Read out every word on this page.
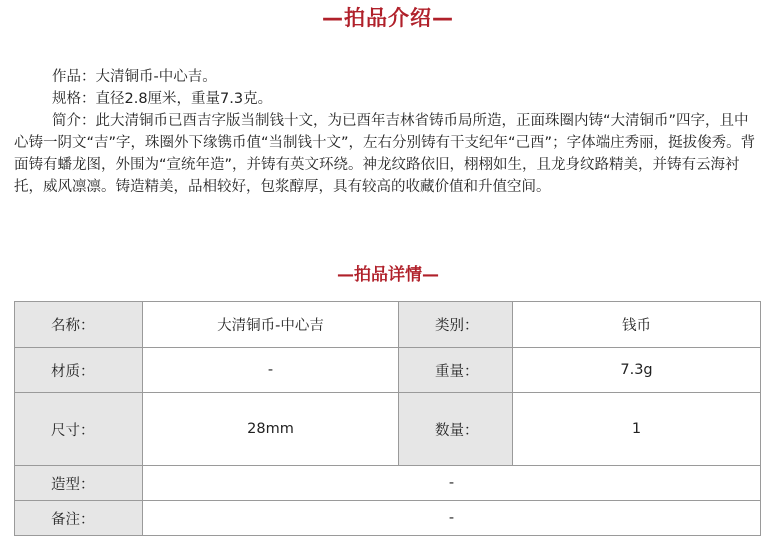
—拍品介绍—

作品：大清铜币-中心吉。

规格：直径2.8厘米，重量7.3克。

简介：此大清铜币已酉吉字版当制钱十文，为已酉年吉林省铸币局所造，正面珠圈内铸“大清铜币”四字，且中心铸一阴文“吉”字，珠圈外下缘镌币值“当制钱十文”，左右分别铸有干支纪年“己酉”；字体端庄秀丽，挺拔俊秀。背面铸有蟠龙图，外围为“宣统年造”，并铸有英文环绕。神龙纹路依旧，栩栩如生，且龙身纹路精美，并铸有云海衬托，威风凛凛。铸造精美，品相较好，包浆醇厚，具有较高的收藏价值和升值空间。

—拍品详情—
名称：	大清铜币-中心吉	类别：	钱币
材质：	-	重量：	7.3g
尺寸：	28mm	数量：	1
造型：	-		
备注：	-		
